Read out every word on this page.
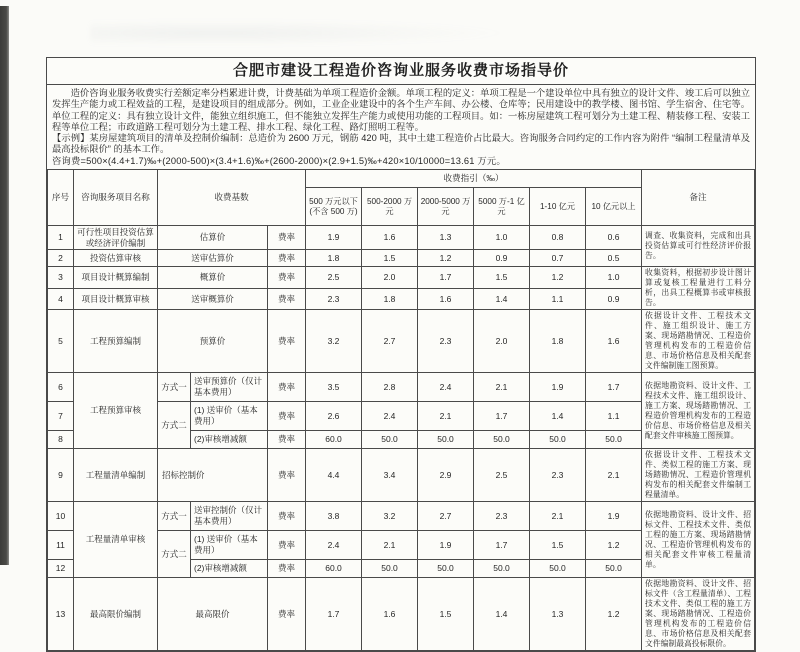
合肥市建设工程造价咨询业服务收费市场指导价

造价咨询业服务收费实行差额定率分档累进计费，计费基础为单项工程造价金额。单项工程的定义：单项工程是一个建设单位中具有独立的设计文件、竣工后可以独立发挥生产能力或工程效益的工程，是建设项目的组成部分。例如，工业企业建设中的各个生产车间、办公楼、仓库等；民用建设中的教学楼、图书馆、学生宿舍、住宅等。单位工程的定义：具有独立设计文件，能独立组织施工，但不能独立发挥生产能力或使用功能的工程项目。如：一栋房屋建筑工程可划分为土建工程、精装修工程、安装工程等单位工程；市政道路工程可划分为土建工程、排水工程、绿化工程、路灯照明工程等。

【示例】某房屋建筑项目的清单及控制价编制：总造价为 2600 万元，钢筋 420 吨，其中土建工程造价占比最大。咨询服务合同约定的工作内容为附件 “编制工程量清单及最高投标限价” 的基本工作。

咨询费=500×(4.4+1.7)‰+(2000-500)×(3.4+1.6)‰+(2600-2000)×(2.9+1.5)‰+420×10/10000=13.61 万元。

序号	咨询服务项目名称	收费基数			收费指引（‰）						备注
					500 万元以下(不含 500 万)	500-2000 万元	2000-5000 万元	5000 万-1 亿元	1-10 亿元	10 亿元以上	
1	可行性项目投资估算或经济评价编制	估算价		费率	1.9	1.6	1.3	1.0	0.8	0.6	调查、收集资料，完成和出具投资估算或可行性经济评价报告。
2	投资估算审核	送审估算价		费率	1.8	1.5	1.2	0.9	0.7	0.5	
3	项目设计概算编制	概算价		费率	2.5	2.0	1.7	1.5	1.2	1.0	收集资料，根据初步设计图计算或复核工程量进行工料分析，出具工程概算书或审核报告。
4	项目设计概算审核	送审概算价		费率	2.3	1.8	1.6	1.4	1.1	0.9	
5	工程预算编制	预算价		费率	3.2	2.7	2.3	2.0	1.8	1.6	依据设计文件、工程技术文件、施工组织设计、施工方案、现场踏勘情况、工程造价管理机构发布的工程造价信息、市场价格信息及相关配套文件编制施工图预算。
6	工程预算审核	方式一	送审预算价（仅计基本费用）	费率	3.5	2.8	2.4	2.1	1.9	1.7	依据地勘资料、设计文件、工程技术文件、施工组织设计、施工方案、现场踏勘情况、工程造价管理机构发布的工程造价信息、市场价格信息及相关配套文件审核施工图预算。
7		方式二	(1) 送审价（基本费用）	费率	2.6	2.4	2.1	1.7	1.4	1.1	
8			(2)审核增减额	费率	60.0	50.0	50.0	50.0	50.0	50.0	
9	工程量清单编制	招标控制价		费率	4.4	3.4	2.9	2.5	2.3	2.1	依据设计文件、工程技术文件、类似工程的施工方案、现场踏勘情况、工程造价管理机构发布的相关配套文件编制工程量清单。
10	工程量清单审核	方式一	送审控制价（仅计基本费用）	费率	3.8	3.2	2.7	2.3	2.1	1.9	依据地勘资料、设计文件、招标文件、工程技术文件、类似工程的施工方案、现场踏勘情况、工程造价管理机构发布的相关配套文件审核工程量清单。
11		方式二	(1) 送审价（基本费用）	费率	2.4	2.1	1.9	1.7	1.5	1.2	
12			(2)审核增减额	费率	60.0	50.0	50.0	50.0	50.0	50.0	
13	最高限价编制	最高限价		费率	1.7	1.6	1.5	1.4	1.3	1.2	依据地勘资料、设计文件、招标文件（含工程量清单）、工程技术文件、类似工程的施工方案、现场踏勘情况、工程造价管理机构发布的工程造价信息、市场价格信息及相关配套文件编制最高投标限价。
